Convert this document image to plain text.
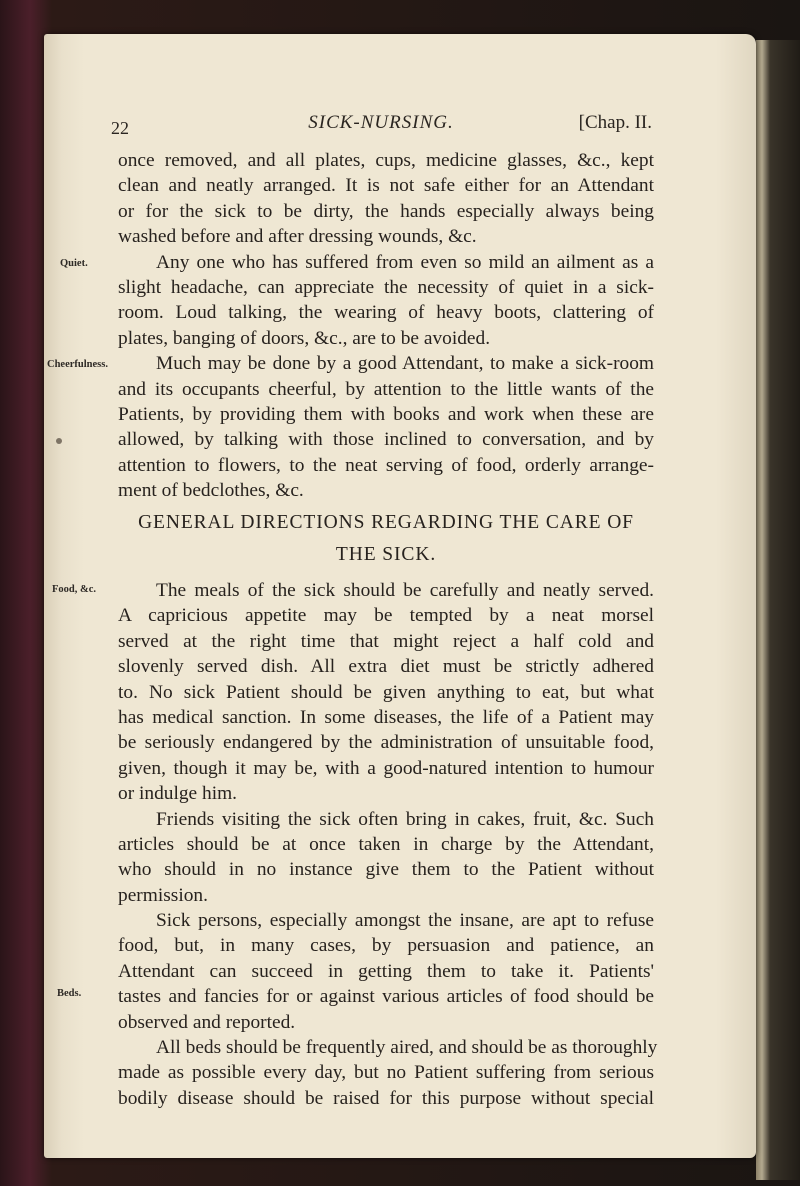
22	SICK-NURSING.	[Chap. II.
Quiet.
Cheerfulness.
Food, &c.
Beds.
once removed, and all plates, cups, medicine glasses, &c., kept
clean and neatly arranged. It is not safe either for an Attendant
or for the sick to be dirty, the hands especially always being
washed before and after dressing wounds, &c.
Any one who has suffered from even so mild an ailment as a
slight headache, can appreciate the necessity of quiet in a sick-
room. Loud talking, the wearing of heavy boots, clattering of
plates, banging of doors, &c., are to be avoided.
Much may be done by a good Attendant, to make a sick-room
and its occupants cheerful, by attention to the little wants of the
Patients, by providing them with books and work when these are
allowed, by talking with those inclined to conversation, and by
attention to flowers, to the neat serving of food, orderly arrange-
ment of bedclothes, &c.
GENERAL DIRECTIONS REGARDING THE CARE OF
THE SICK.
The meals of the sick should be carefully and neatly served.
A capricious appetite may be tempted by a neat morsel
served at the right time that might reject a half cold and
slovenly served dish. All extra diet must be strictly adhered
to. No sick Patient should be given anything to eat, but what
has medical sanction. In some diseases, the life of a Patient may
be seriously endangered by the administration of unsuitable food,
given, though it may be, with a good-natured intention to humour
or indulge him.
Friends visiting the sick often bring in cakes, fruit, &c. Such
articles should be at once taken in charge by the Attendant,
who should in no instance give them to the Patient without
permission.
Sick persons, especially amongst the insane, are apt to refuse
food, but, in many cases, by persuasion and patience, an
Attendant can succeed in getting them to take it. Patients'
tastes and fancies for or against various articles of food should be
observed and reported.
All beds should be frequently aired, and should be as thoroughly
made as possible every day, but no Patient suffering from serious
bodily disease should be raised for this purpose without special
